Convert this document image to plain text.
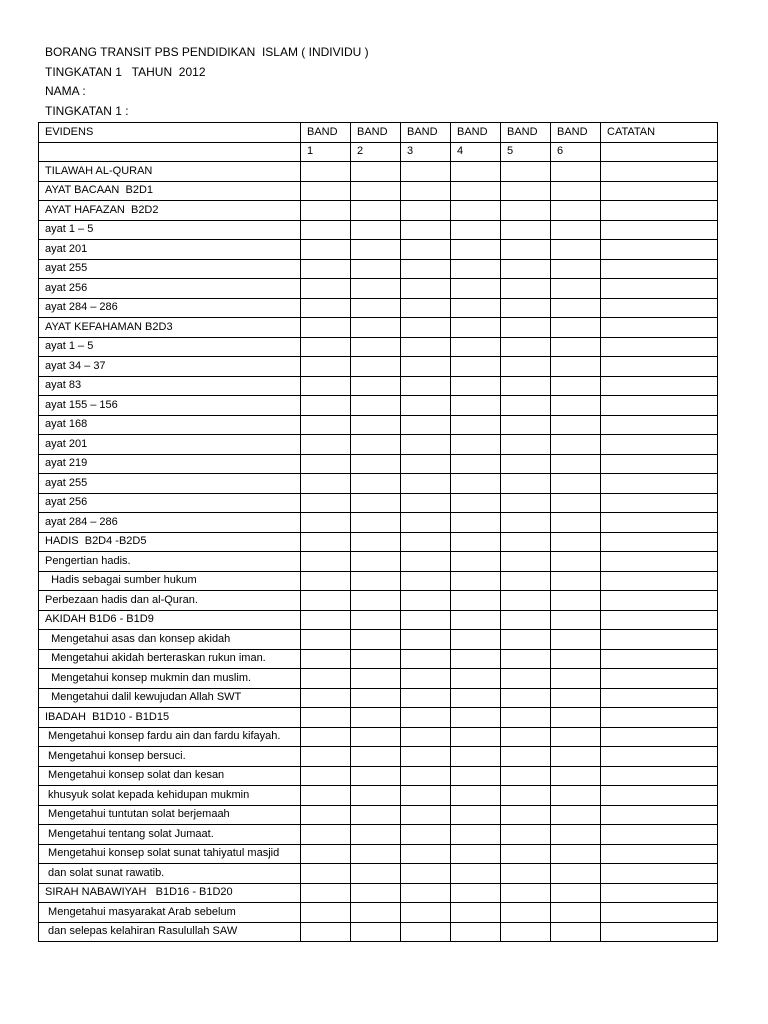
BORANG TRANSIT PBS PENDIDIKAN  ISLAM ( INDIVIDU )
TINGKATAN 1   TAHUN  2012
NAMA :
TINGKATAN 1 :
EVIDENS	BAND	BAND	BAND	BAND	BAND	BAND	CATATAN
	1	2	3	4	5	6	
TILAWAH AL-QURAN							
AYAT BACAAN  B2D1							
AYAT HAFAZAN  B2D2							
ayat 1 – 5							
ayat 201							
ayat 255							
ayat 256							
ayat 284 – 286							
AYAT KEFAHAMAN B2D3							
ayat 1 – 5							
ayat 34 – 37							
ayat 83							
ayat 155 – 156							
ayat 168							
ayat 201							
ayat 219							
ayat 255							
ayat 256							
ayat 284 – 286							
HADIS  B2D4 -B2D5							
Pengertian hadis.							
Hadis sebagai sumber hukum							
Perbezaan hadis dan al-Quran.							
AKIDAH B1D6 - B1D9							
Mengetahui asas dan konsep akidah							
Mengetahui akidah berteraskan rukun iman.							
Mengetahui konsep mukmin dan muslim.							
Mengetahui dalil kewujudan Allah SWT							
IBADAH  B1D10 - B1D15							
Mengetahui konsep fardu ain dan fardu kifayah.							
Mengetahui konsep bersuci.							
Mengetahui konsep solat dan kesan							
khusyuk solat kepada kehidupan mukmin							
Mengetahui tuntutan solat berjemaah							
Mengetahui tentang solat Jumaat.							
Mengetahui konsep solat sunat tahiyatul masjid							
dan solat sunat rawatib.							
SIRAH NABAWIYAH   B1D16 - B1D20							
Mengetahui masyarakat Arab sebelum							
dan selepas kelahiran Rasulullah SAW							
